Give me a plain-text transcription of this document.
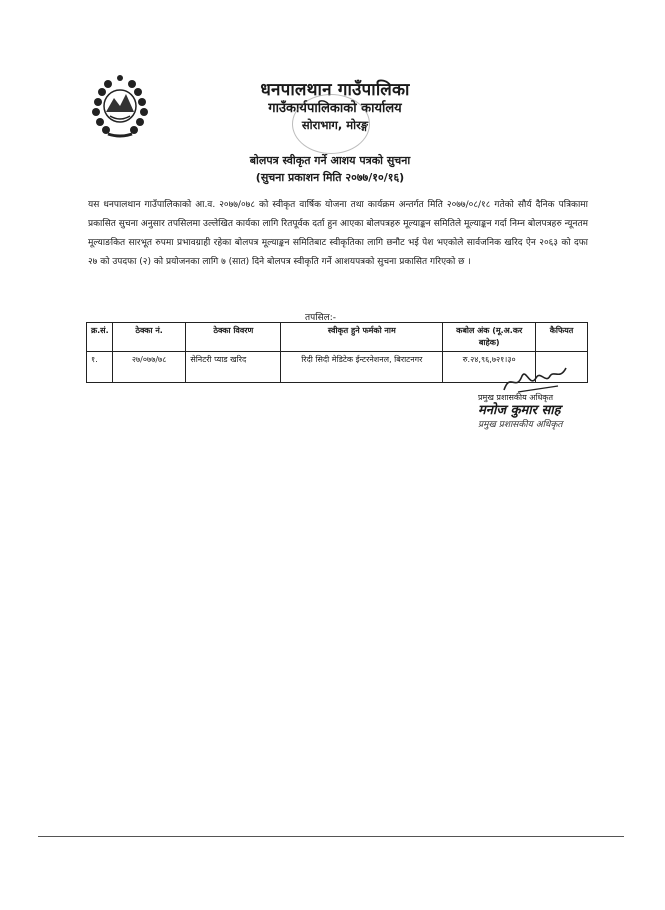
धनपालथान गाउँपालिका
गाउँकार्यपालिकाको कार्यालय
सोराभाग, मोरङ्ग
बोलपत्र स्वीकृत गर्ने आशय पत्रको सुचना
(सुचना प्रकाशन मिति २०७७/१०/१६)
यस धनपालथान गाउँपालिकाको आ.व. २०७७/०७८ को स्वीकृत वार्षिक योजना तथा कार्यक्रम अन्तर्गत मिति २०७७/०८/१८ गतेको सौर्य दैनिक पत्रिकामा प्रकासित सुचना अनुसार तपसिलमा उल्लेखित कार्यका लागि रितपूर्वक दर्ता हुन आएका बोलपत्रहरु मूल्याङ्कन समितिले मूल्याङ्कन गर्दा निम्न बोलपत्रहरु न्यूनतम मूल्याङकित सारभूत रुपमा प्रभावग्राही रहेका बोलपत्र मूल्याङ्कन समितिबाट स्वीकृतिका लागि छनौट भई पेश भएकोले सार्वजनिक खरिद ऐन २०६३ को दफा २७ को उपदफा (२) को प्रयोजनका लागि ७ (सात) दिने बोलपत्र स्वीकृति गर्ने आशयपत्रको सुचना प्रकासित गरिएको छ ।
तपसिल:-
क्र.सं.	ठेक्का नं.	ठेक्का विवरण	स्वीकृत हुने फर्मको नाम	कबोल अंक (मू.अ.कर बाहेक)	कैफियत
१.	२७/०७७/७८	सेनिटरी प्याड खरिद	रिदी सिदी मेडिटेक ईन्टरनेशनल, बिराटनगर	रु.२४,९६,७२१।३०	
प्रमुख प्रशासकीय अधिकृत
मनोज कुमार साह
प्रमुख प्रशासकीय अधिकृत
